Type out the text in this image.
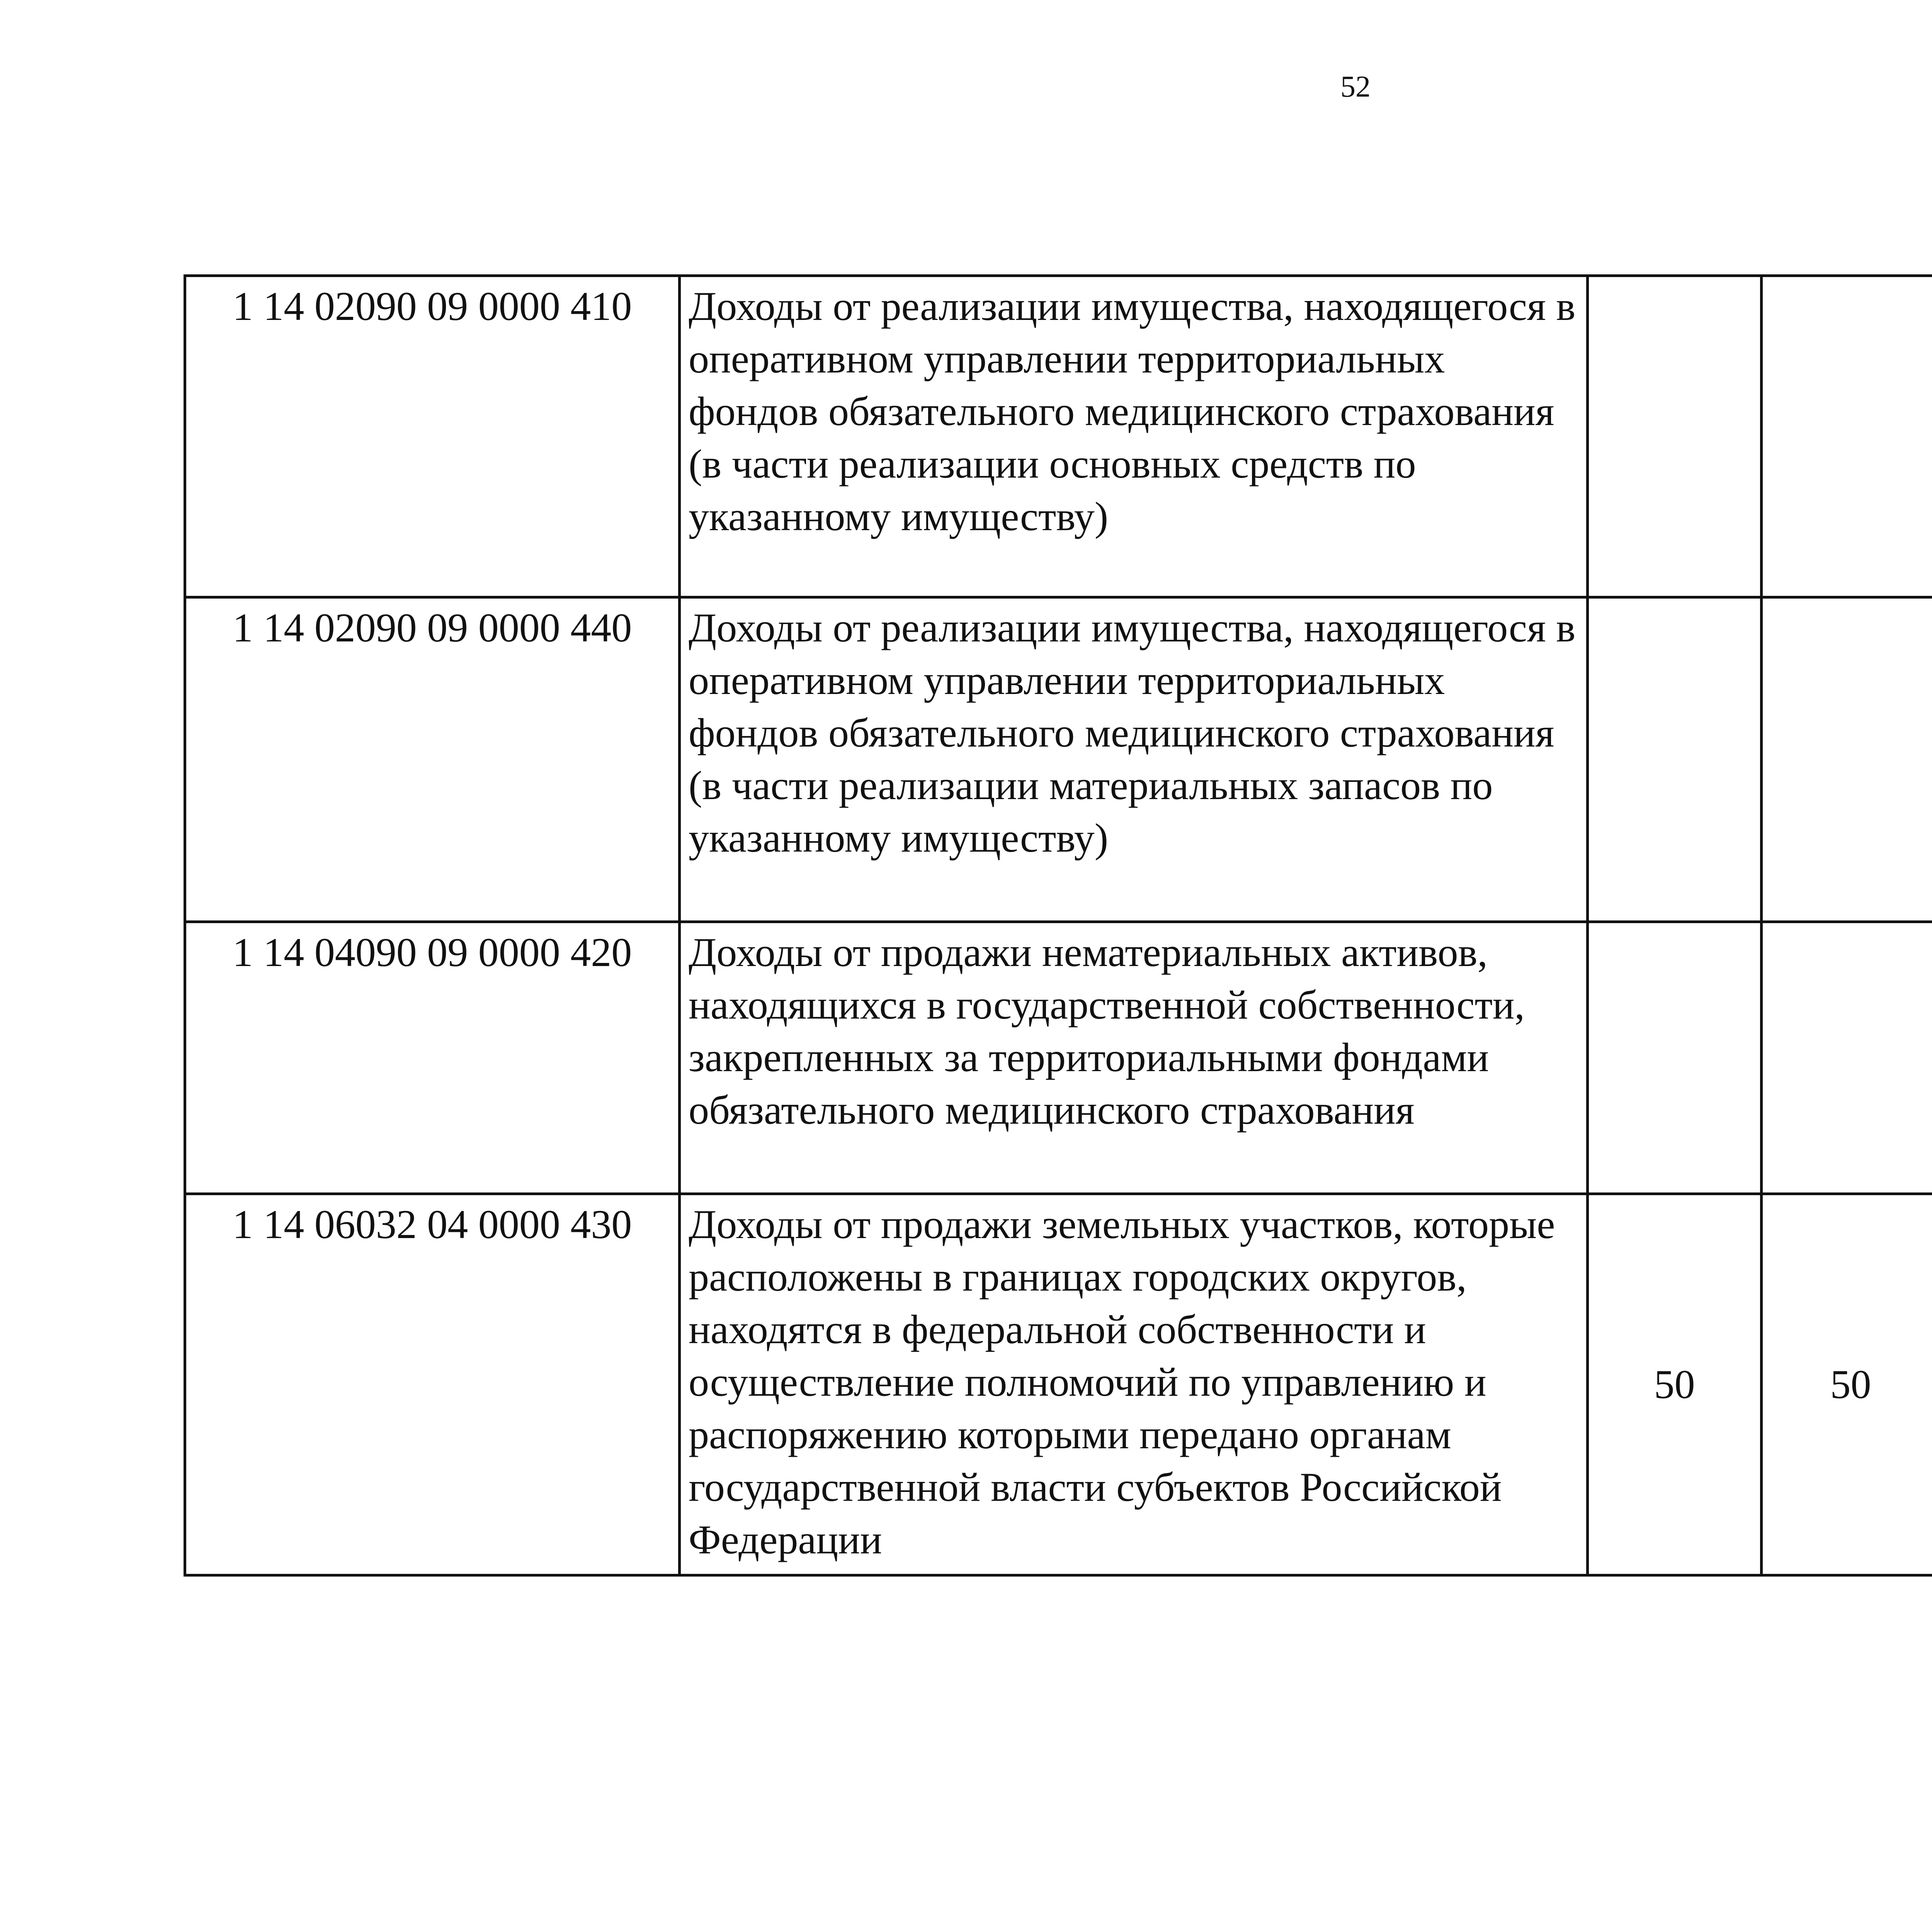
52
1 14 02090 09 0000 410	Доходы от реализации имущества, находящегося в оперативном управлении территориальных фондов обязательного медицинского страхования (в части реализации основных средств по указанному имуществу)					
1 14 02090 09 0000 440	Доходы от реализации имущества, находящегося в оперативном управлении территориальных фондов обязательного медицинского страхования (в части реализации материальных запасов по указанному имуществу)					
1 14 04090 09 0000 420	Доходы от продажи нематериальных активов, находящихся в государственной собственности, закрепленных за территориальными фондами обязательного медицинского страхования					
1 14 06032 04 0000 430	Доходы от продажи земельных участков, которые расположены в границах городских округов, находятся в федеральной собственности и осуществление полномочий по управлению и распоряжению которыми передано органам государственной власти субъектов Российской Федерации	50	50			
